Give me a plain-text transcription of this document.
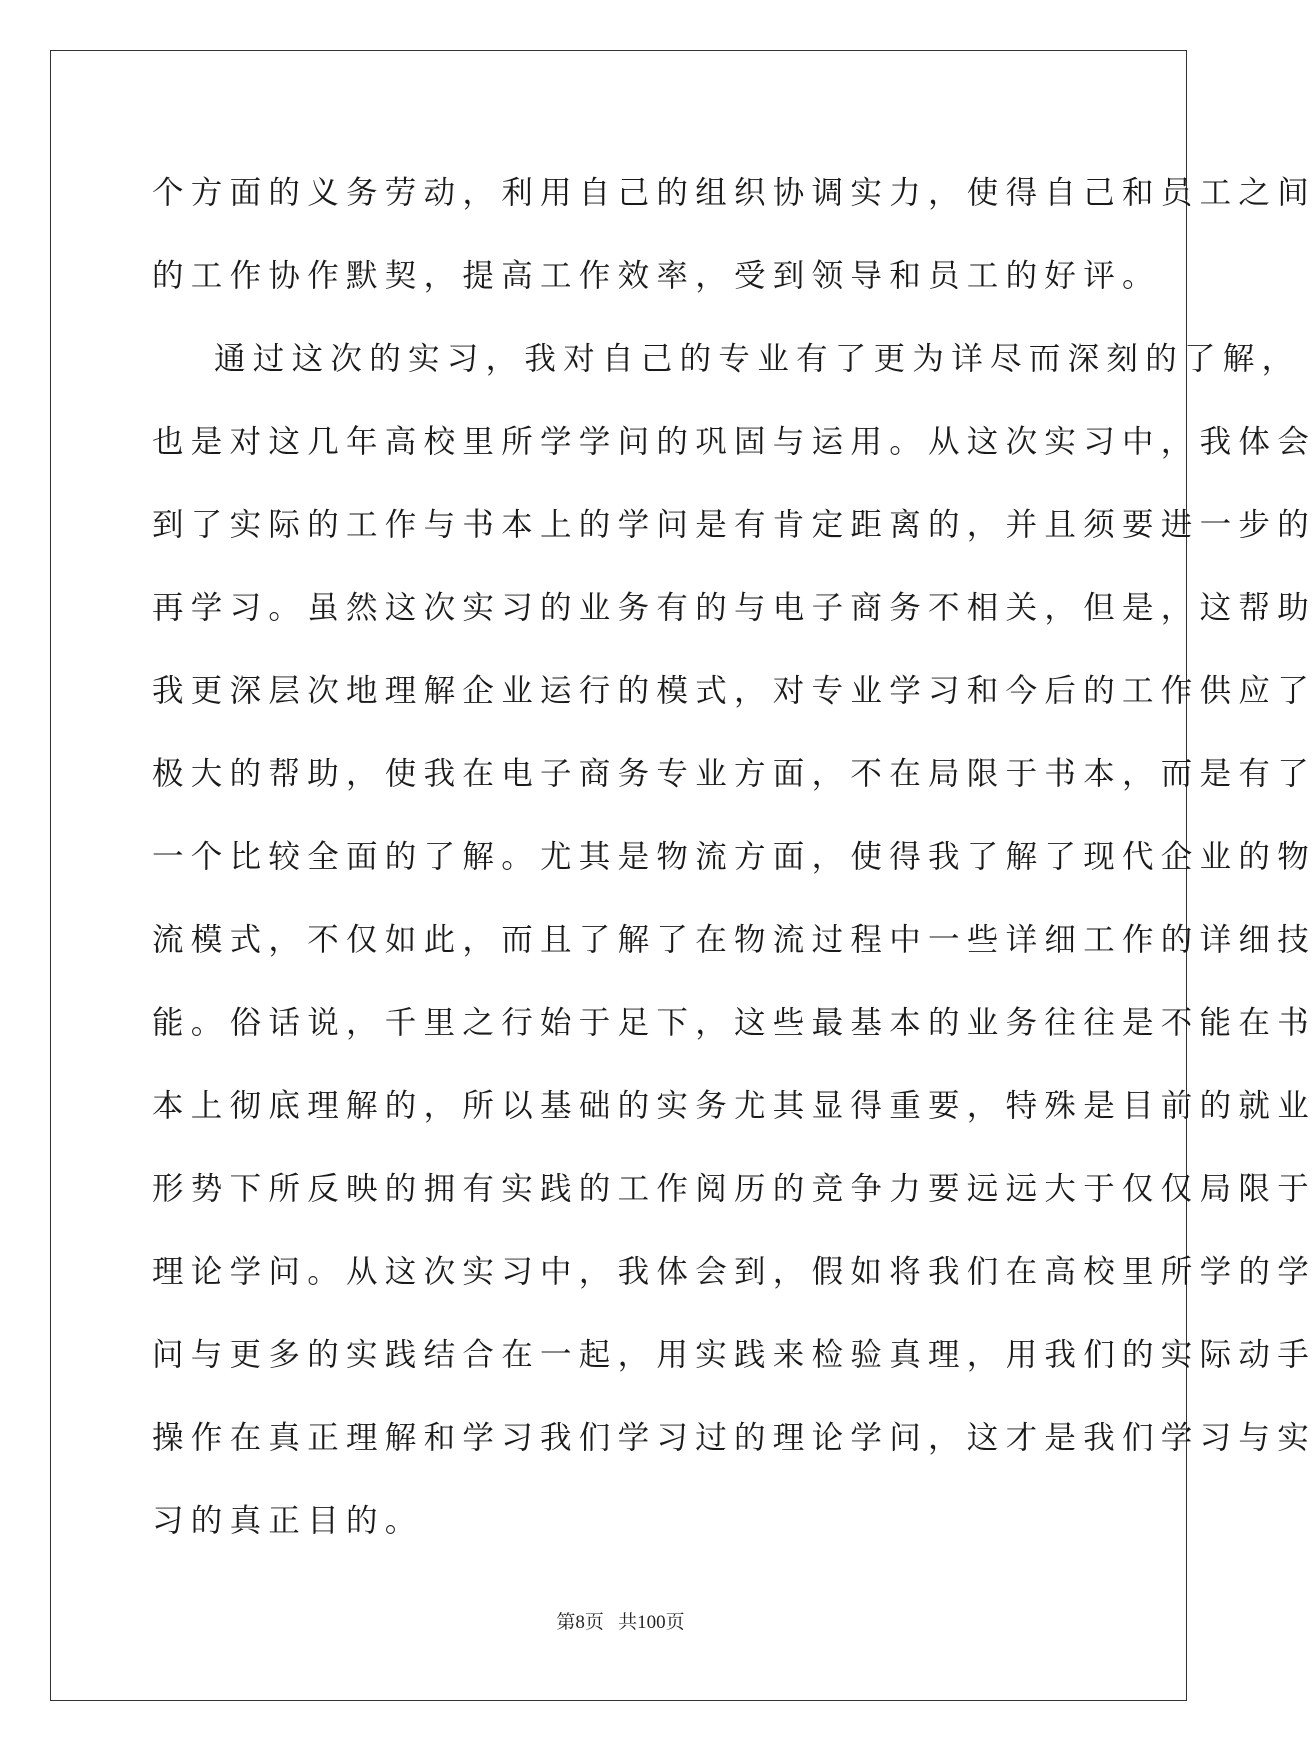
个方面的义务劳动，利用自己的组织协调实力，使得自己和员工之间
的工作协作默契，提高工作效率，受到领导和员工的好评。
通过这次的实习，我对自己的专业有了更为详尽而深刻的了解，
也是对这几年高校里所学学问的巩固与运用。从这次实习中，我体会
到了实际的工作与书本上的学问是有肯定距离的，并且须要进一步的
再学习。虽然这次实习的业务有的与电子商务不相关，但是，这帮助
我更深层次地理解企业运行的模式，对专业学习和今后的工作供应了
极大的帮助，使我在电子商务专业方面，不在局限于书本，而是有了
一个比较全面的了解。尤其是物流方面，使得我了解了现代企业的物
流模式，不仅如此，而且了解了在物流过程中一些详细工作的详细技
能。俗话说，千里之行始于足下，这些最基本的业务往往是不能在书
本上彻底理解的，所以基础的实务尤其显得重要，特殊是目前的就业
形势下所反映的拥有实践的工作阅历的竞争力要远远大于仅仅局限于
理论学问。从这次实习中，我体会到，假如将我们在高校里所学的学
问与更多的实践结合在一起，用实践来检验真理，用我们的实际动手
操作在真正理解和学习我们学习过的理论学问，这才是我们学习与实
习的真正目的。
第8页 共100页
